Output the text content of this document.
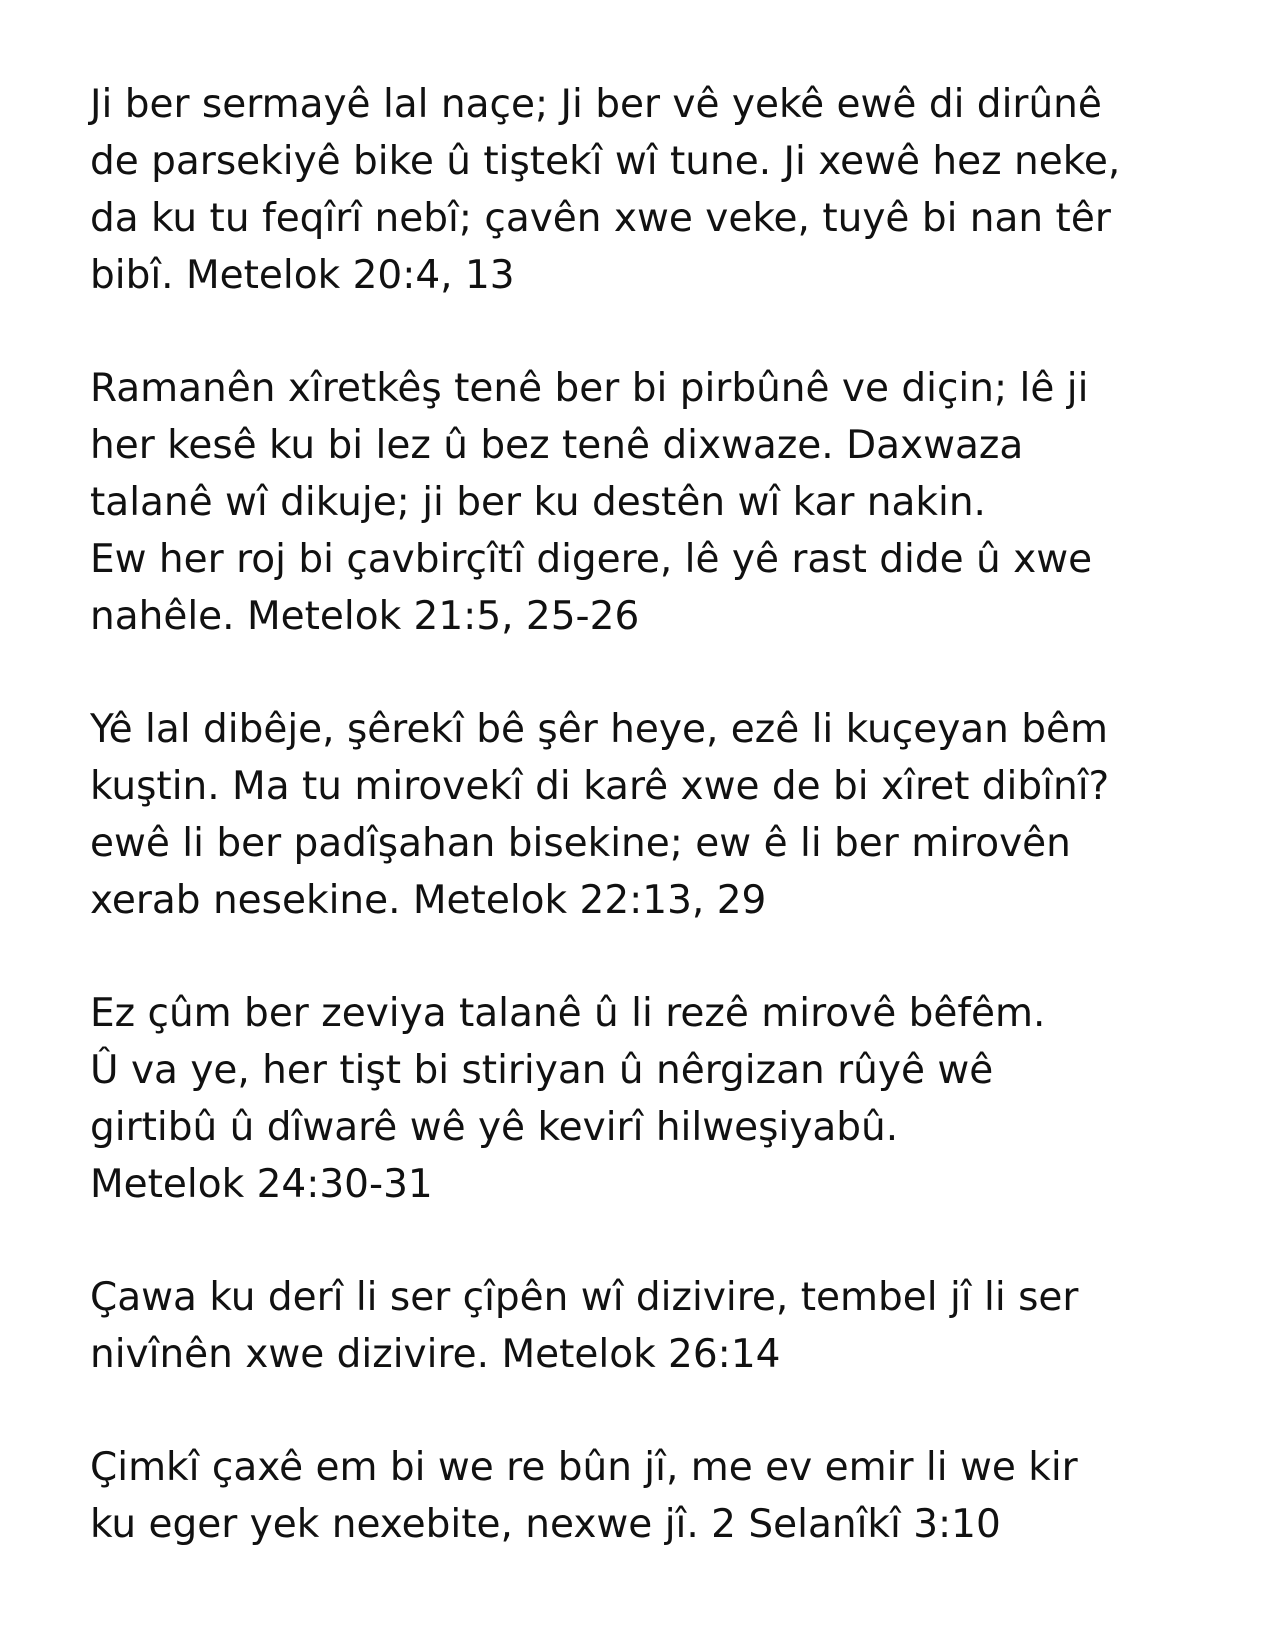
Ji ber sermayê lal naçe; Ji ber vê yekê ewê di dirûnê
de parsekiyê bike û tiştekî wî tune. Ji xewê hez neke,
da ku tu feqîrî nebî; çavên xwe veke, tuyê bi nan têr
bibî. Metelok 20:4, 13
Ramanên xîretkêş tenê ber bi pirbûnê ve diçin; lê ji
her kesê ku bi lez û bez tenê dixwaze. Daxwaza
talanê wî dikuje; ji ber ku destên wî kar nakin.
Ew her roj bi çavbirçîtî digere, lê yê rast dide û xwe
nahêle. Metelok 21:5, 25-26
Yê lal dibêje, şêrekî bê şêr heye, ezê li kuçeyan bêm
kuştin. Ma tu mirovekî di karê xwe de bi xîret dibînî?
ewê li ber padîşahan bisekine; ew ê li ber mirovên
xerab nesekine. Metelok 22:13, 29
Ez çûm ber zeviya talanê û li rezê mirovê bêfêm.
Û va ye, her tişt bi stiriyan û nêrgizan rûyê wê
girtibû û dîwarê wê yê kevirî hilweşiyabû.
Metelok 24:30-31
Çawa ku derî li ser çîpên wî dizivire, tembel jî li ser
nivînên xwe dizivire. Metelok 26:14
Çimkî çaxê em bi we re bûn jî, me ev emir li we kir
ku eger yek nexebite, nexwe jî. 2 Selanîkî 3:10
